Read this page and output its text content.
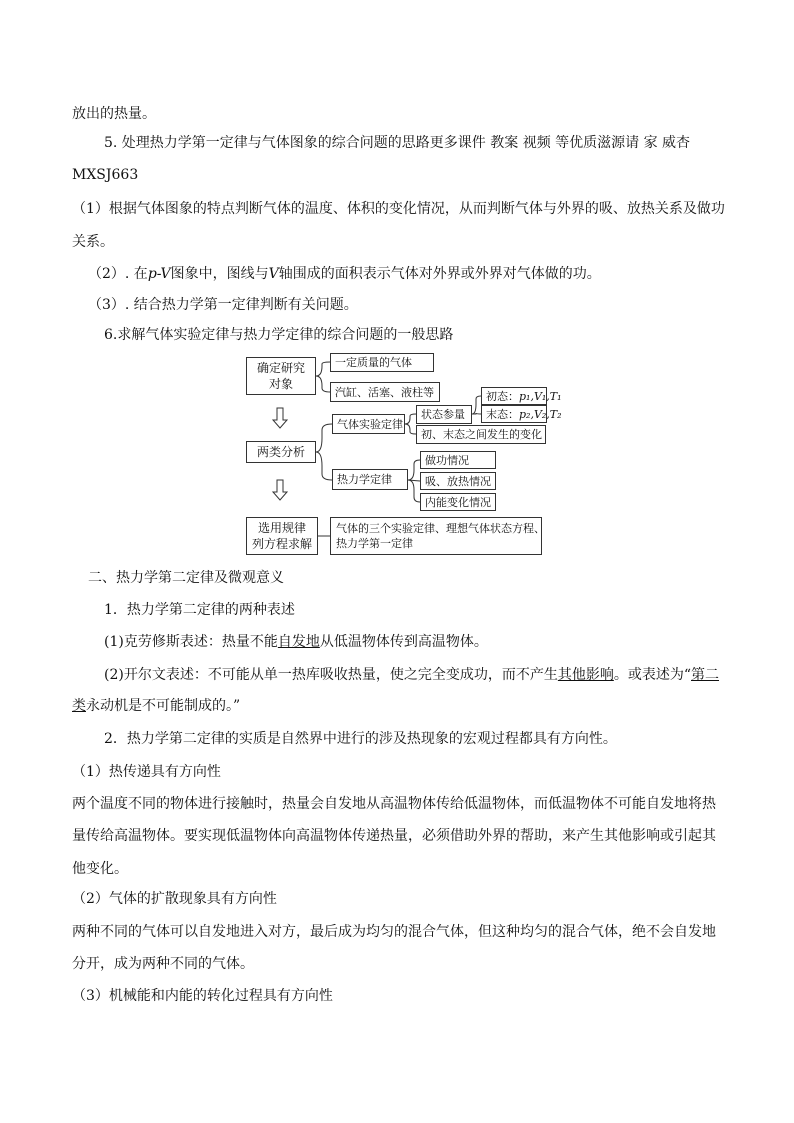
放出的热量。
5. 处理热力学第一定律与气体图象的综合问题的思路更多课件 教案 视频 等优质滋源请 家 威杏
MXSJ663
（1）根据气体图象的特点判断气体的温度、体积的变化情况，从而判断气体与外界的吸、放热关系及做功
关系。
（2）. 在p-V图象中，图线与V轴围成的面积表示气体对外界或外界对气体做的功。
（3）. 结合热力学第一定律判断有关问题。
6.求解气体实验定律与热力学定律的综合问题的一般思路
确定研究
对象
一定质量的气体
汽缸、活塞、液柱等
两类分析
气体实验定律
状态参量
初态： p₁,V₁,T₁
末态： p₂,V₂,T₂
初、末态之间发生的变化
热力学定律
做功情况
吸、放热情况
内能变化情况
选用规律
列方程求解
气体的三个实验定律、理想气体状态方程、
热力学第一定律
二、热力学第二定律及微观意义
1．热力学第二定律的两种表述
(1)克劳修斯表述：热量不能自发地从低温物体传到高温物体。
(2)开尔文表述：不可能从单一热库吸收热量，使之完全变成功，而不产生其他影响。或表述为“第二
类永动机是不可能制成的。”
2．热力学第二定律的实质是自然界中进行的涉及热现象的宏观过程都具有方向性。
（1）热传递具有方向性
两个温度不同的物体进行接触时，热量会自发地从高温物体传给低温物体，而低温物体不可能自发地将热
量传给高温物体。要实现低温物体向高温物体传递热量，必须借助外界的帮助，来产生其他影响或引起其
他变化。
（2）气体的扩散现象具有方向性
两种不同的气体可以自发地进入对方，最后成为均匀的混合气体，但这种均匀的混合气体，绝不会自发地
分开，成为两种不同的气体。
（3）机械能和内能的转化过程具有方向性
